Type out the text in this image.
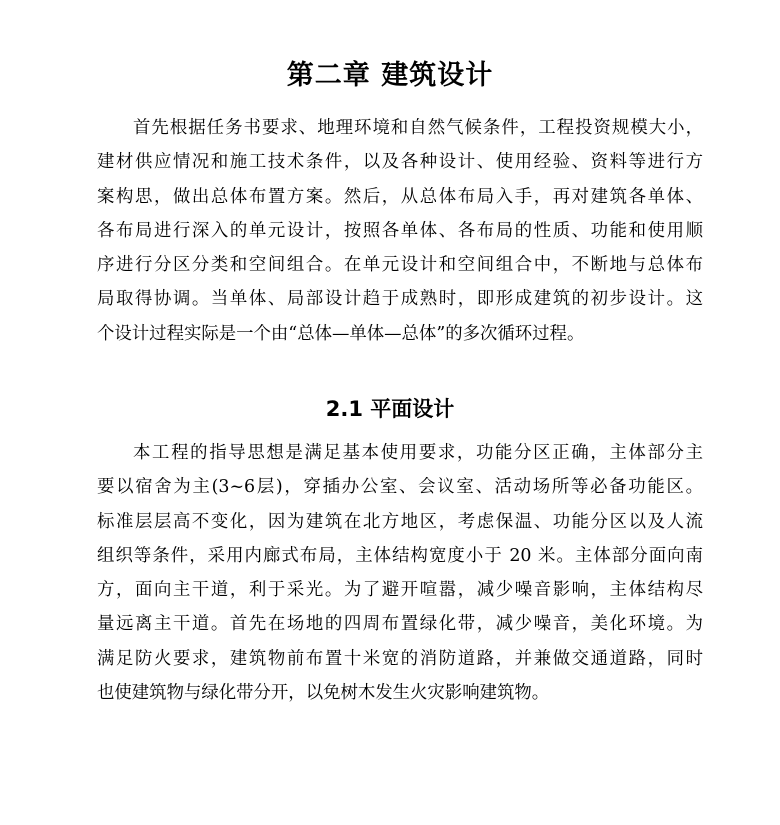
第二章 建筑设计
首先根据任务书要求、地理环境和自然气候条件，工程投资规模大小，
建材供应情况和施工技术条件，以及各种设计、使用经验、资料等进行方
案构思，做出总体布置方案。然后，从总体布局入手，再对建筑各单体、
各布局进行深入的单元设计，按照各单体、各布局的性质、功能和使用顺
序进行分区分类和空间组合。在单元设计和空间组合中，不断地与总体布
局取得协调。当单体、局部设计趋于成熟时，即形成建筑的初步设计。这
个设计过程实际是一个由“总体—单体—总体”的多次循环过程。
2.1 平面设计
本工程的指导思想是满足基本使用要求，功能分区正确，主体部分主
要以宿舍为主(3~6层)，穿插办公室、会议室、活动场所等必备功能区。
标准层层高不变化，因为建筑在北方地区，考虑保温、功能分区以及人流
组织等条件，采用内廊式布局，主体结构宽度小于 20 米。主体部分面向南
方，面向主干道，利于采光。为了避开喧嚣，减少噪音影响，主体结构尽
量远离主干道。首先在场地的四周布置绿化带，减少噪音，美化环境。为
满足防火要求，建筑物前布置十米宽的消防道路，并兼做交通道路，同时
也使建筑物与绿化带分开，以免树木发生火灾影响建筑物。
